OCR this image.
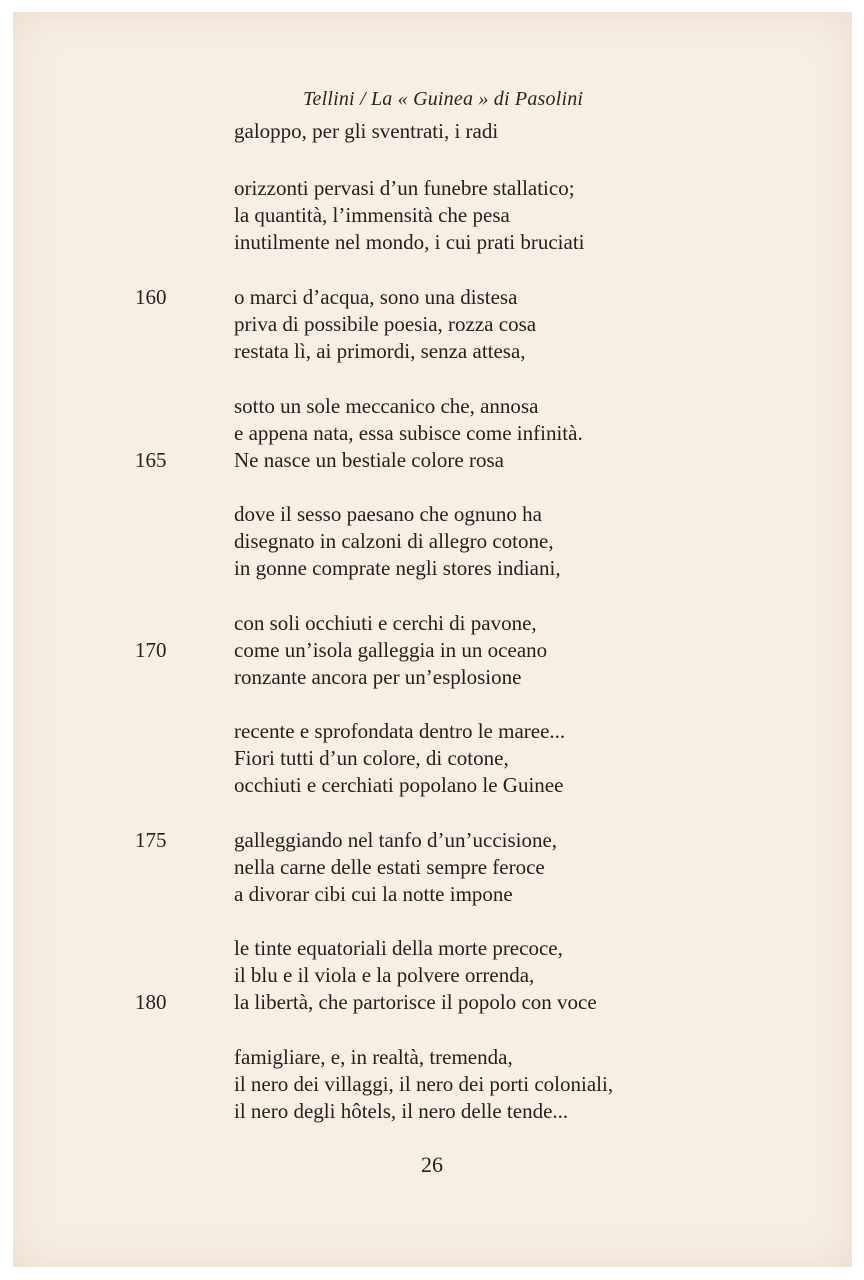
Tellini / La « Guinea » di Pasolini
galoppo, per gli sventrati, i radi
orizzonti pervasi d’un funebre stallatico;
la quantità, l’immensità che pesa
inutilmente nel mondo, i cui prati bruciati
o marci d’acqua, sono una distesa
160
priva di possibile poesia, rozza cosa
restata lì, ai primordi, senza attesa,
sotto un sole meccanico che, annosa
e appena nata, essa subisce come infinità.
Ne nasce un bestiale colore rosa
165
dove il sesso paesano che ognuno ha
disegnato in calzoni di allegro cotone,
in gonne comprate negli stores indiani,
con soli occhiuti e cerchi di pavone,
come un’isola galleggia in un oceano
170
ronzante ancora per un’esplosione
recente e sprofondata dentro le maree...
Fiori tutti d’un colore, di cotone,
occhiuti e cerchiati popolano le Guinee
galleggiando nel tanfo d’un’uccisione,
175
nella carne delle estati sempre feroce
a divorar cibi cui la notte impone
le tinte equatoriali della morte precoce,
il blu e il viola e la polvere orrenda,
la libertà, che partorisce il popolo con voce
180
famigliare, e, in realtà, tremenda,
il nero dei villaggi, il nero dei porti coloniali,
il nero degli hôtels, il nero delle tende...
26
